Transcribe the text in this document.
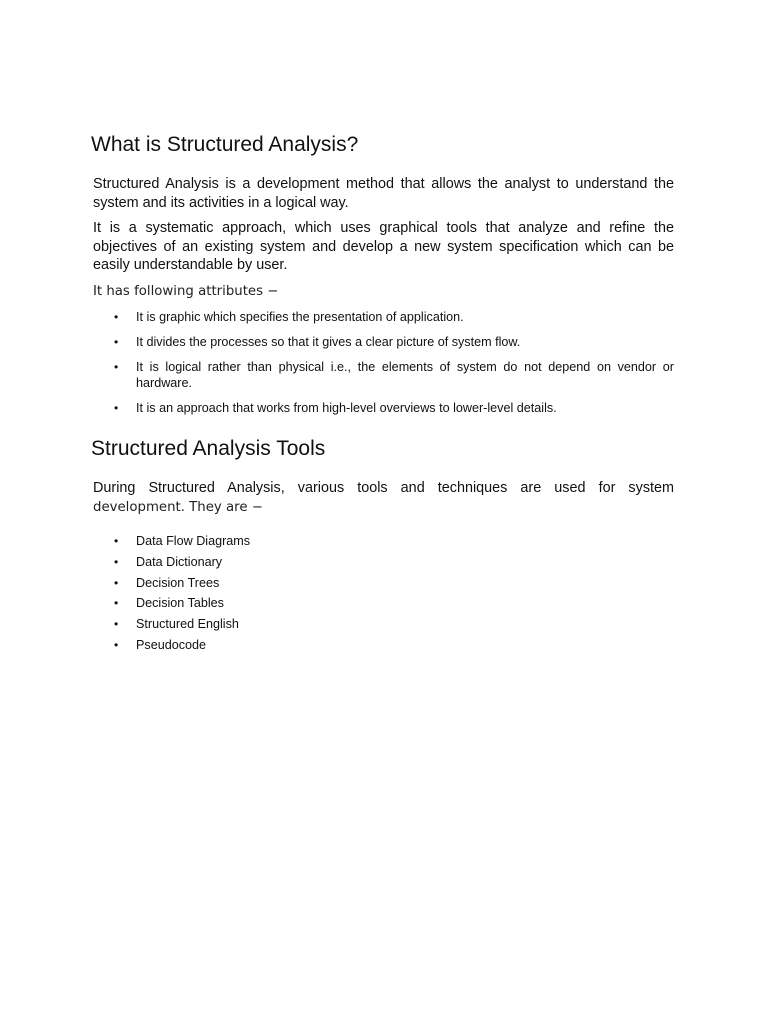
What is Structured Analysis?

Structured Analysis is a development method that allows the analyst to understand the system and its activities in a logical way.

It is a systematic approach, which uses graphical tools that analyze and refine the objectives of an existing system and develop a new system specification which can be easily understandable by user.

It has following attributes −

• It is graphic which specifies the presentation of application.
• It divides the processes so that it gives a clear picture of system flow.
• It is logical rather than physical i.e., the elements of system do not depend on vendor or hardware.
• It is an approach that works from high-level overviews to lower-level details.
Structured Analysis Tools

During Structured Analysis, various tools and techniques are used for system development. They are −

• Data Flow Diagrams
• Data Dictionary
• Decision Trees
• Decision Tables
• Structured English
• Pseudocode
